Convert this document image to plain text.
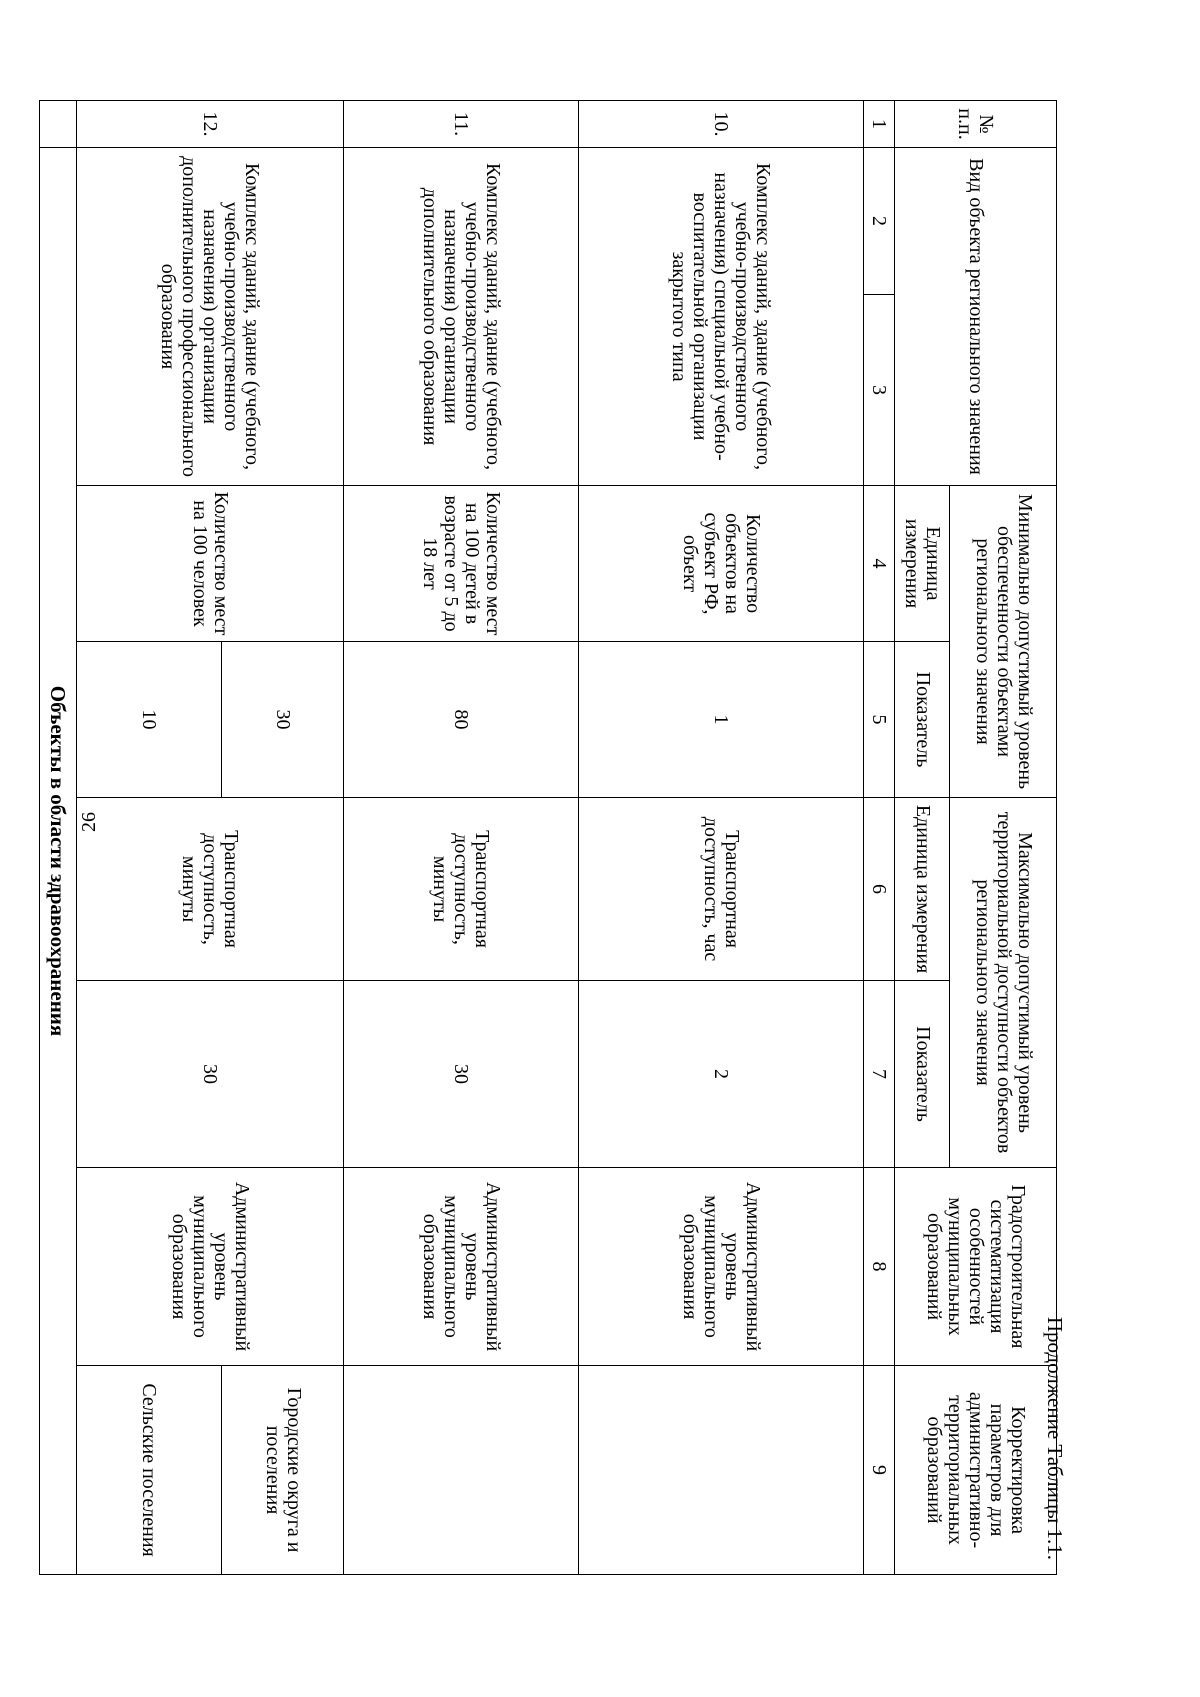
26
Продолжение Таблицы 1.1.
№ п.п.	Вид объекта регионального значения		Минимально допустимый уровень обеспеченности объектами регионального значения		Максимально допустимый уровень территориальной доступности объектов регионального значения		Градостроительная систематизация особенностей муниципальных образований	Корректировка параметров для административно-территориальных образований
			Единица измерения	Показатель	Единица измерения	Показатель		
1	2	3	4	5	6	7	8	9
10.	Комплекс зданий, здание (учебного, учебно-производственного назначения) специальной учебно-воспитательной организации закрытого типа		Количество объектов на субъект РФ, объект	1	Транспортная доступность, час	2	Административный уровень муниципального образования	
11.	Комплекс зданий, здание (учебного, учебно-производственного назначения) организации дополнительного образования		Количество мест на 100 детей в возрасте от 5 до 18 лет	80	Транспортная доступность, минуты	30	Административный уровень муниципального образования	
12.	Комплекс зданий, здание (учебного, учебно-производственного назначения) организации дополнительного профессионального образования		Количество мест на 100 человек	30	Транспортная доступность, минуты	30	Административный уровень муниципального образования	Городские округа и поселения
				10				Сельские поселения
	Объекты в области здравоохранения							
